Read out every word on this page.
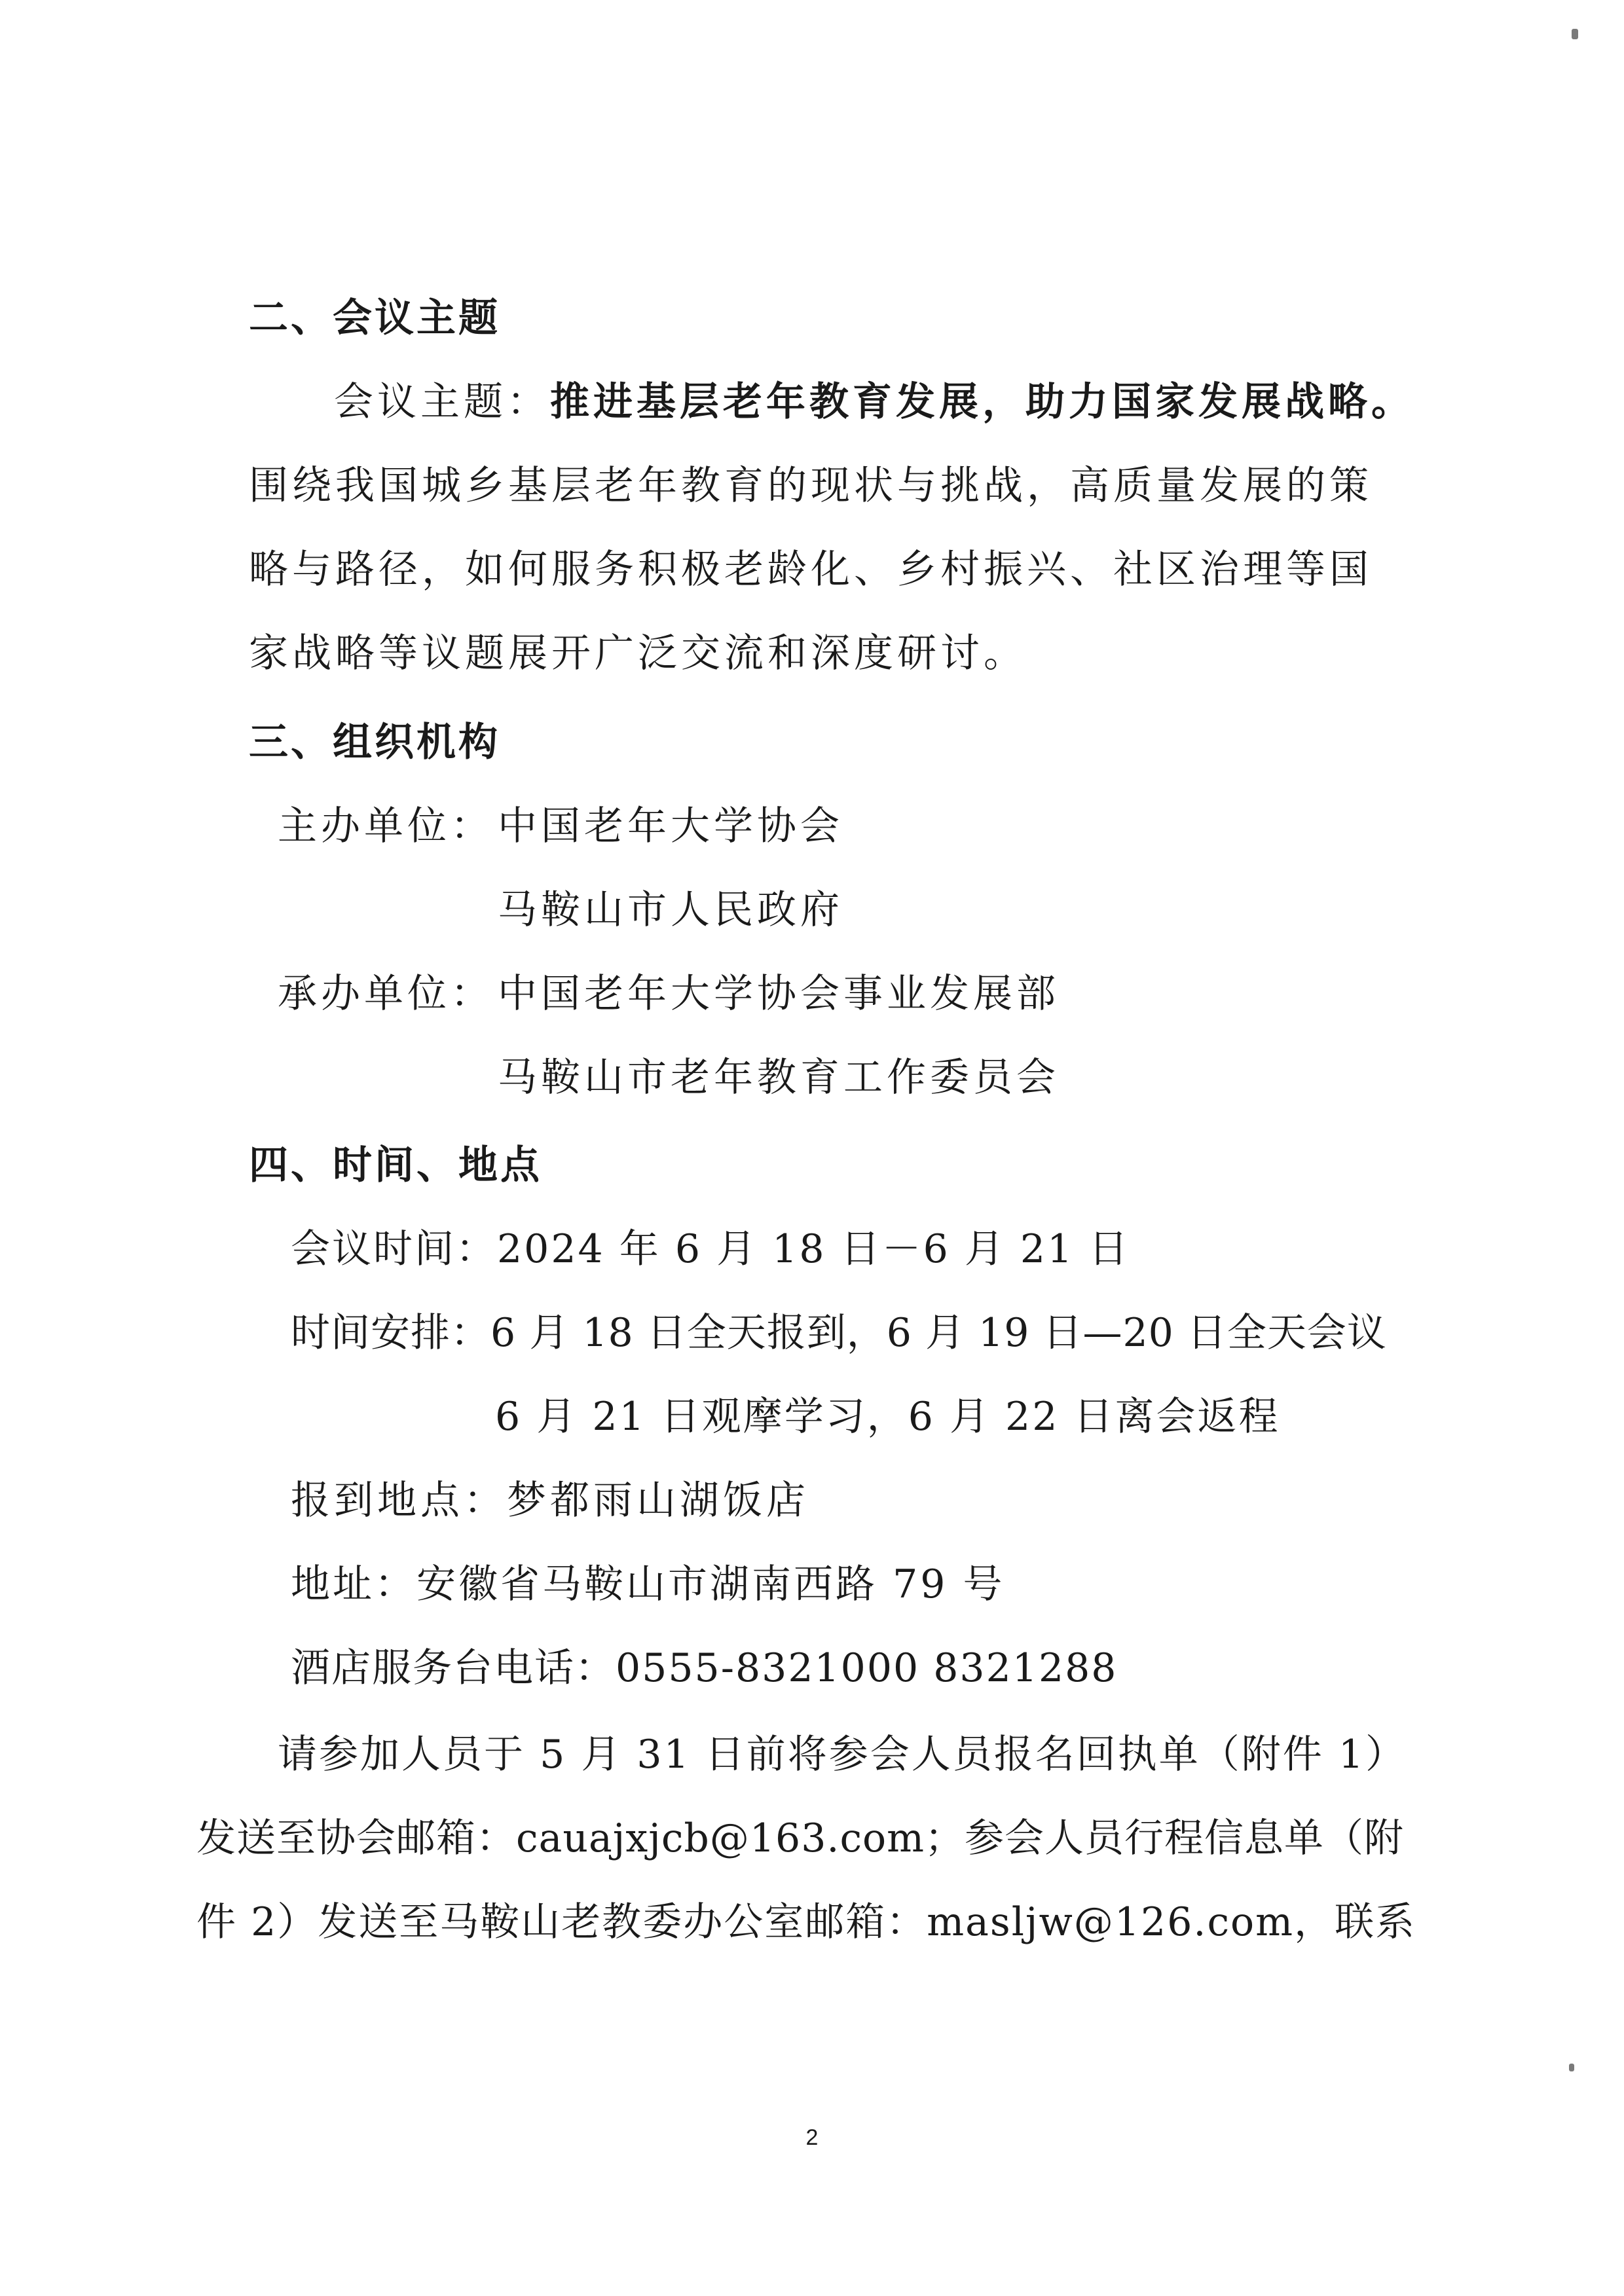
二、会议主题
会议主题：推进基层老年教育发展，助力国家发展战略。
围绕我国城乡基层老年教育的现状与挑战，高质量发展的策
略与路径，如何服务积极老龄化、乡村振兴、社区治理等国
家战略等议题展开广泛交流和深度研讨。
三、组织机构
主办单位： 中国老年大学协会
马鞍山市人民政府
承办单位： 中国老年大学协会事业发展部
马鞍山市老年教育工作委员会
四、时间、地点
会议时间：2024 年 6 月 18 日－6 月 21 日
时间安排：6 月 18 日全天报到，6 月 19 日—20 日全天会议
6 月 21 日观摩学习，6 月 22 日离会返程
报到地点：梦都雨山湖饭店
地址：安徽省马鞍山市湖南西路 79 号
酒店服务台电话：0555-8321000 8321288
请参加人员于 5 月 31 日前将参会人员报名回执单（附件 1）
发送至协会邮箱：cauajxjcb@163.com；参会人员行程信息单（附
件 2）发送至马鞍山老教委办公室邮箱：masljw@126.com，联系
2
